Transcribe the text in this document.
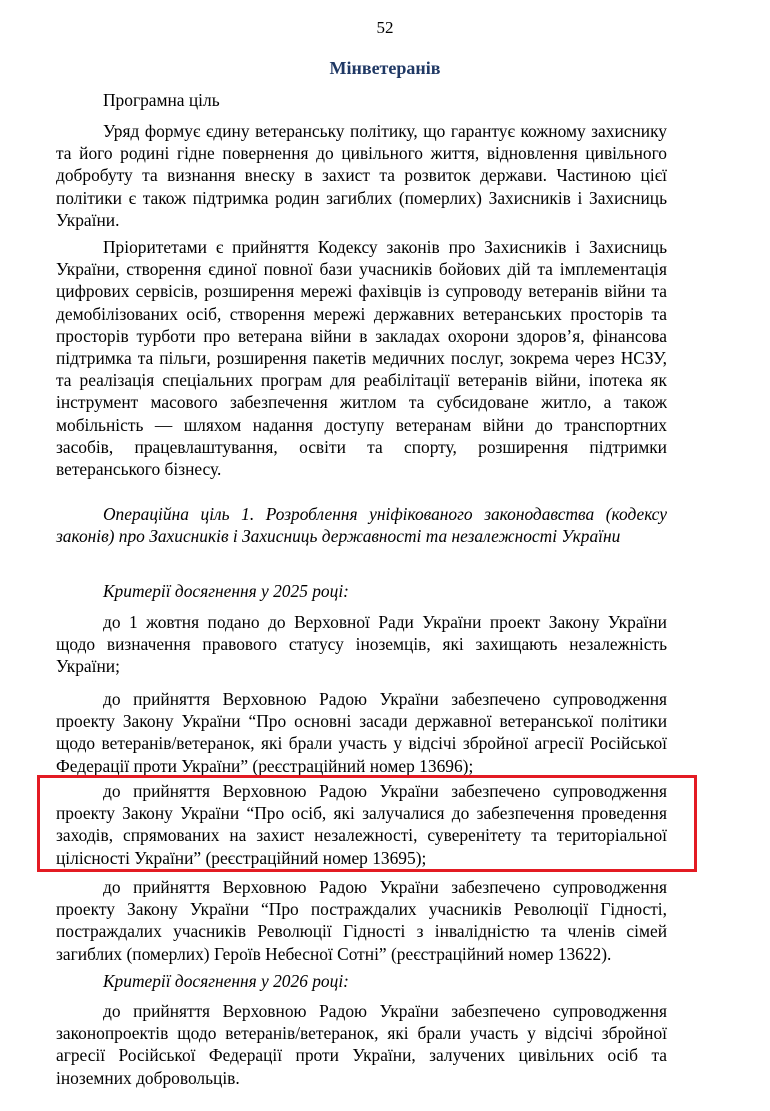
52
Мінветеранів

Програмна ціль

Уряд формує єдину ветеранську політику, що гарантує кожному захиснику та його родині гідне повернення до цивільного життя, відновлення цивільного добробуту та визнання внеску в захист та розвиток держави. Частиною цієї політики є також підтримка родин загиблих (померлих) Захисників і Захисниць України.

Пріоритетами є прийняття Кодексу законів про Захисників і Захисниць України, створення єдиної повної бази учасників бойових дій та імплементація цифрових сервісів, розширення мережі фахівців із супроводу ветеранів війни та демобілізованих осіб, створення мережі державних ветеранських просторів та просторів турботи про ветерана війни в закладах охорони здоров’я, фінансова підтримка та пільги, розширення пакетів медичних послуг, зокрема через НСЗУ, та реалізація спеціальних програм для реабілітації ветеранів війни, іпотека як інструмент масового забезпечення житлом та субсидоване житло, а також мобільність — шляхом надання доступу ветеранам війни до транспортних засобів, працевлаштування, освіти та спорту, розширення підтримки ветеранського бізнесу.

Операційна ціль 1. Розроблення уніфікованого законодавства (кодексу законів) про Захисників і Захисниць державності та незалежності України

Критерії досягнення у 2025 році:

до 1 жовтня подано до Верховної Ради України проект Закону України щодо визначення правового статусу іноземців, які захищають незалежність України;

до прийняття Верховною Радою України забезпечено супроводження проекту Закону України “Про основні засади державної ветеранської політики щодо ветеранів/ветеранок, які брали участь у відсічі збройної агресії Російської Федерації проти України” (реєстраційний номер 13696);

до прийняття Верховною Радою України забезпечено супроводження проекту Закону України “Про осіб, які залучалися до забезпечення проведення заходів, спрямованих на захист незалежності, суверенітету та територіальної цілісності України” (реєстраційний номер 13695);

до прийняття Верховною Радою України забезпечено супроводження проекту Закону України “Про постраждалих учасників Революції Гідності, постраждалих учасників Революції Гідності з інвалідністю та членів сімей загиблих (померлих) Героїв Небесної Сотні” (реєстраційний номер 13622).

Критерії досягнення у 2026 році:

до прийняття Верховною Радою України забезпечено супроводження законопроектів щодо ветеранів/ветеранок, які брали участь у відсічі збройної агресії Російської Федерації проти України, залучених цивільних осіб та іноземних добровольців.
